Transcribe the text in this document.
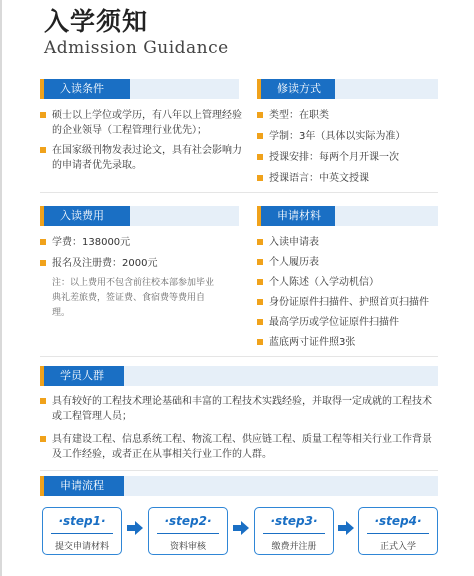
入学须知
Admission Guidance
入读条件	修读方式
硕士以上学位或学历，有八年以上管理经验的企业领导（工程管理行业优先）；
在国家级刊物发表过论文，具有社会影响力的申请者优先录取。
类型：在职类
学制：3年（具体以实际为准）
授课安排：每两个月开课一次
授课语言：中英文授课
入读费用	申请材料
学费：138000元
报名及注册费：2000元
注：以上费用不包含前往校本部参加毕业典礼差旅费，签证费、食宿费等费用自理。
入读申请表
个人履历表
个人陈述（入学动机信）
身份证原件扫描件、护照首页扫描件
最高学历或学位证原件扫描件
蓝底两寸证件照3张
学员人群
具有较好的工程技术理论基础和丰富的工程技术实践经验，并取得一定成就的工程技术或工程管理人员；
具有建设工程、信息系统工程、物流工程、供应链工程、质量工程等相关行业工作背景及工作经验，或者正在从事相关行业工作的人群。
申请流程
·step1·
提交申请材料
·step2·
资料审核
·step3·
缴费并注册
·step4·
正式入学
